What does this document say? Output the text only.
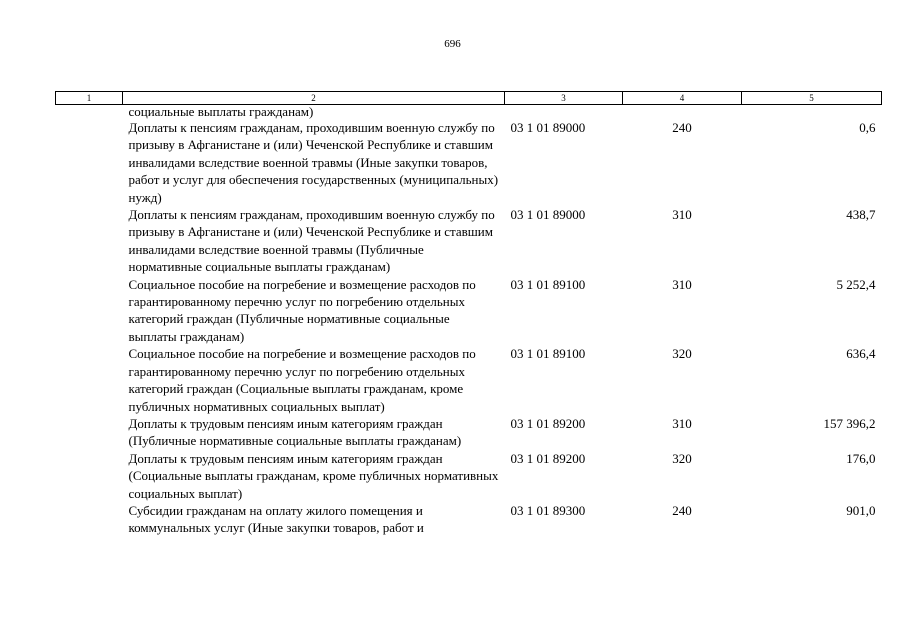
696
1	2	3	4	5
	социальные выплаты гражданам)			
	Доплаты к пенсиям гражданам, проходившим военную службу по призыву в Афганистане и (или) Чеченской Республике и ставшим инвалидами вследствие военной травмы (Иные закупки товаров, работ и услуг для обеспечения государственных (муниципальных) нужд)	03 1 01 89000	240	0,6
	Доплаты к пенсиям гражданам, проходившим военную службу по призыву в Афганистане и (или) Чеченской Республике и ставшим инвалидами вследствие военной травмы (Публичные нормативные социальные выплаты гражданам)	03 1 01 89000	310	438,7
	Социальное пособие на погребение и возмещение расходов по гарантированному перечню услуг по погребению отдельных категорий граждан (Публичные нормативные социальные выплаты гражданам)	03 1 01 89100	310	5 252,4
	Социальное пособие на погребение и возмещение расходов по гарантированному перечню услуг по погребению отдельных категорий граждан (Социальные выплаты гражданам, кроме публичных нормативных социальных выплат)	03 1 01 89100	320	636,4
	Доплаты к трудовым пенсиям иным категориям граждан (Публичные нормативные социальные выплаты гражданам)	03 1 01 89200	310	157 396,2
	Доплаты к трудовым пенсиям иным категориям граждан (Социальные выплаты гражданам, кроме публичных нормативных социальных выплат)	03 1 01 89200	320	176,0
	Субсидии гражданам на оплату жилого помещения и коммунальных услуг (Иные закупки товаров, работ и	03 1 01 89300	240	901,0
